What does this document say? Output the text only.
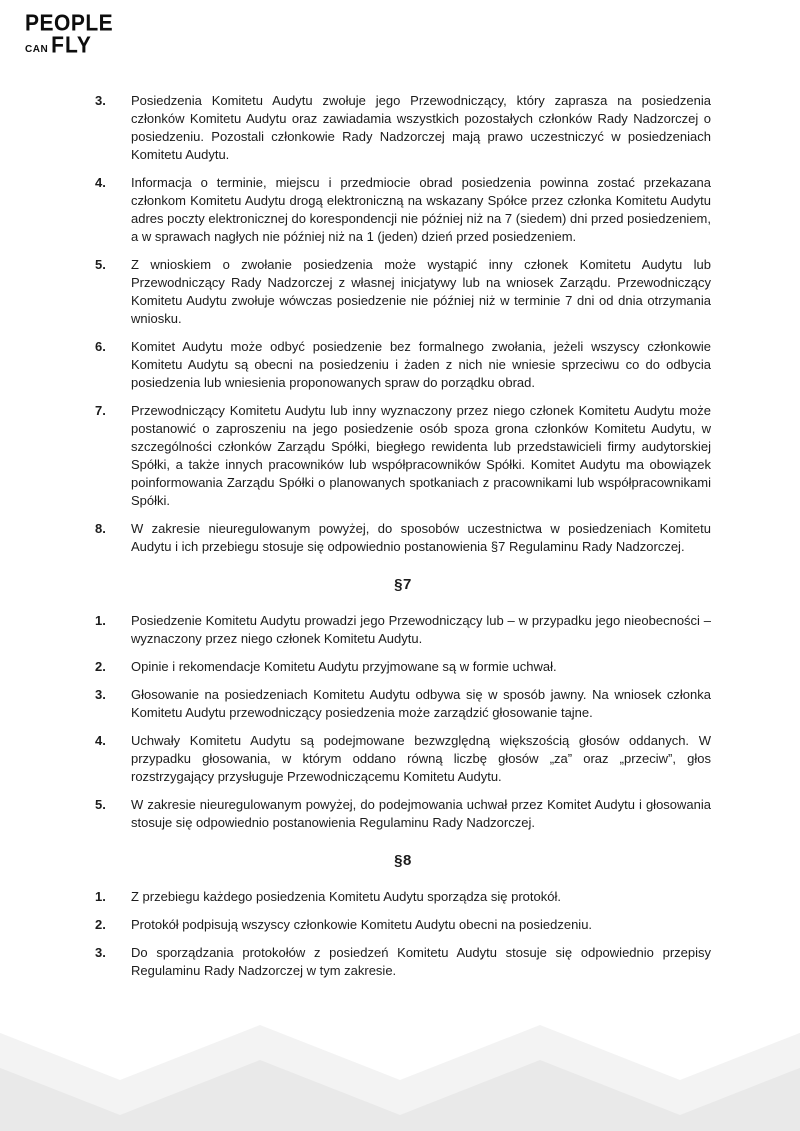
PEOPLE
CAN FLY
3.	Posiedzenia Komitetu Audytu zwołuje jego Przewodniczący, który zaprasza na posiedzenia członków Komitetu Audytu oraz zawiadamia wszystkich pozostałych członków Rady Nadzorczej o posiedzeniu. Pozostali członkowie Rady Nadzorczej mają prawo uczestniczyć w posiedzeniach Komitetu Audytu.
4.	Informacja o terminie, miejscu i przedmiocie obrad posiedzenia powinna zostać przekazana członkom Komitetu Audytu drogą elektroniczną na wskazany Spółce przez członka Komitetu Audytu adres poczty elektronicznej do korespondencji nie później niż na 7 (siedem) dni przed posiedzeniem, a w sprawach nagłych nie później niż na 1 (jeden) dzień przed posiedzeniem.
5.	Z wnioskiem o zwołanie posiedzenia może wystąpić inny członek Komitetu Audytu lub Przewodniczący Rady Nadzorczej z własnej inicjatywy lub na wniosek Zarządu. Przewodniczący Komitetu Audytu zwołuje wówczas posiedzenie nie później niż w terminie 7 dni od dnia otrzymania wniosku.
6.	Komitet Audytu może odbyć posiedzenie bez formalnego zwołania, jeżeli wszyscy członkowie Komitetu Audytu są obecni na posiedzeniu i żaden z nich nie wniesie sprzeciwu co do odbycia posiedzenia lub wniesienia proponowanych spraw do porządku obrad.
7.	Przewodniczący Komitetu Audytu lub inny wyznaczony przez niego członek Komitetu Audytu może postanowić o zaproszeniu na jego posiedzenie osób spoza grona członków Komitetu Audytu, w szczególności członków Zarządu Spółki, biegłego rewidenta lub przedstawicieli firmy audytorskiej Spółki, a także innych pracowników lub współpracowników Spółki. Komitet Audytu ma obowiązek poinformowania Zarządu Spółki o planowanych spotkaniach z pracownikami lub współpracownikami Spółki.
8.	W zakresie nieuregulowanym powyżej, do sposobów uczestnictwa w posiedzeniach Komitetu Audytu i ich przebiegu stosuje się odpowiednio postanowienia §7 Regulaminu Rady Nadzorczej.
§7
1.	Posiedzenie Komitetu Audytu prowadzi jego Przewodniczący lub – w przypadku jego nieobecności – wyznaczony przez niego członek Komitetu Audytu.
2.	Opinie i rekomendacje Komitetu Audytu przyjmowane są w formie uchwał.
3.	Głosowanie na posiedzeniach Komitetu Audytu odbywa się w sposób jawny. Na wniosek członka Komitetu Audytu przewodniczący posiedzenia może zarządzić głosowanie tajne.
4.	Uchwały Komitetu Audytu są podejmowane bezwzględną większością głosów oddanych. W przypadku głosowania, w którym oddano równą liczbę głosów „za” oraz „przeciw”, głos rozstrzygający przysługuje Przewodniczącemu Komitetu Audytu.
5.	W zakresie nieuregulowanym powyżej, do podejmowania uchwał przez Komitet Audytu i głosowania stosuje się odpowiednio postanowienia Regulaminu Rady Nadzorczej.
§8
1.	Z przebiegu każdego posiedzenia Komitetu Audytu sporządza się protokół.
2.	Protokół podpisują wszyscy członkowie Komitetu Audytu obecni na posiedzeniu.
3.	Do sporządzania protokołów z posiedzeń Komitetu Audytu stosuje się odpowiednio przepisy Regulaminu Rady Nadzorczej w tym zakresie.
